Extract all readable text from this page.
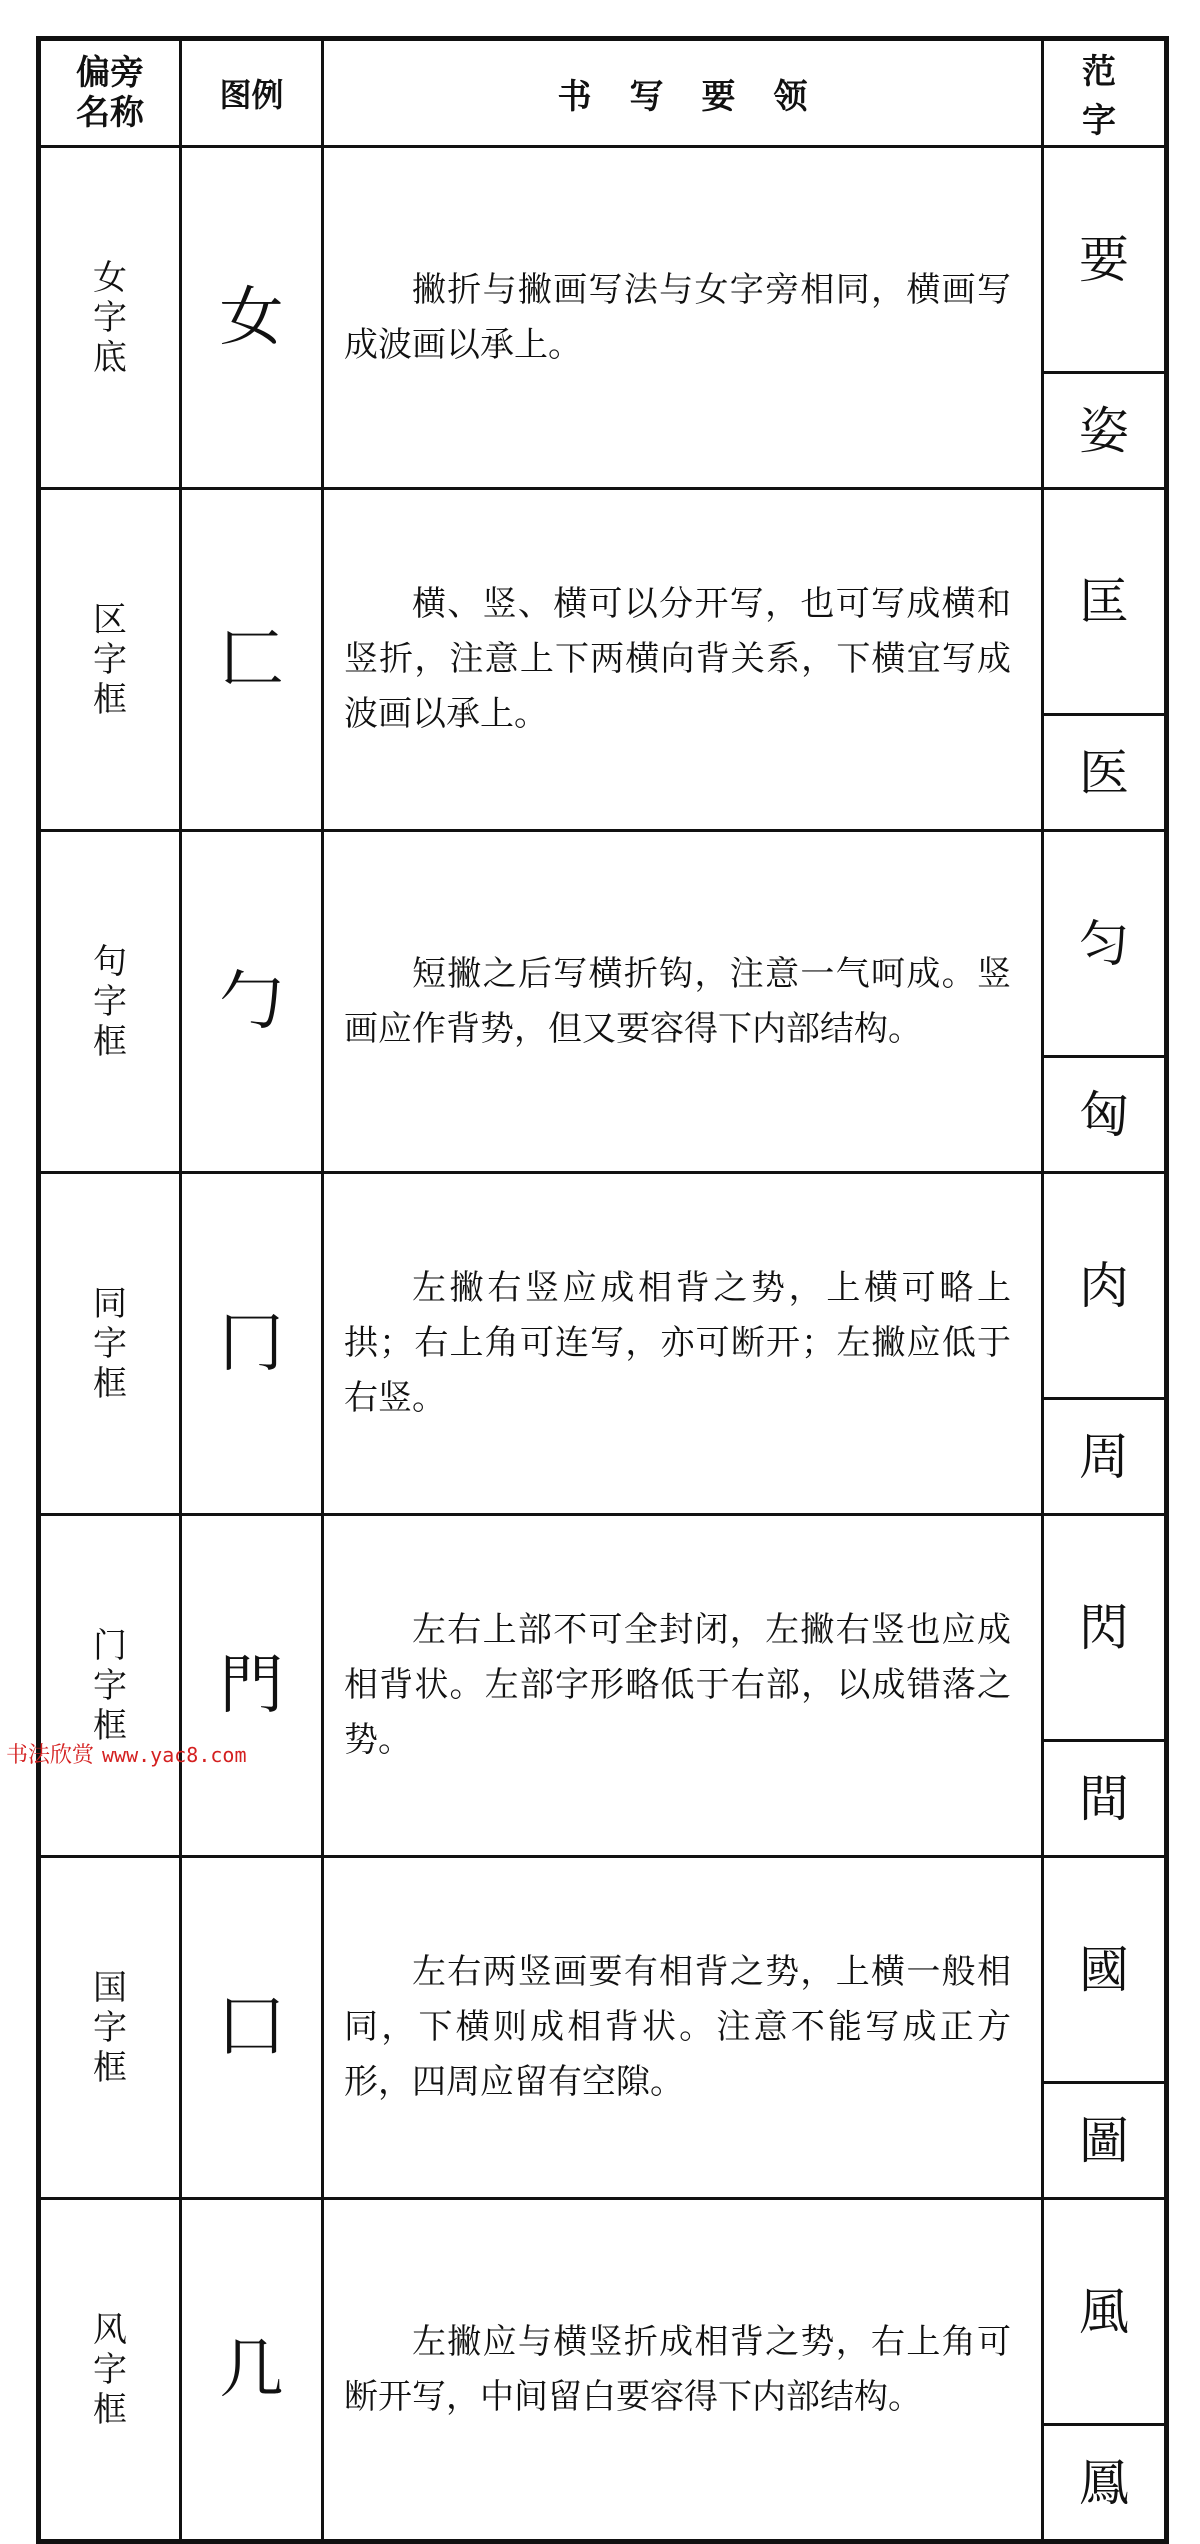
偏旁名称	图例	书写要领	范字
女字底	女	撇折与撇画写法与女字旁相同，横画写成波画以承上。	要
			姿
区字框	匚	横、竖、横可以分开写，也可写成横和竖折，注意上下两横向背关系，下横宜写成波画以承上。	匡
			医
句字框	勹	短撇之后写横折钩，注意一气呵成。竖画应作背势，但又要容得下内部结构。	匀
			匈
同字框	冂	左撇右竖应成相背之势，上横可略上拱；右上角可连写，亦可断开；左撇应低于右竖。	肉
			周
门字框	門	左右上部不可全封闭，左撇右竖也应成相背状。左部字形略低于右部，以成错落之势。	閃
			間
国字框	囗	左右两竖画要有相背之势，上横一般相同，下横则成相背状。注意不能写成正方形，四周应留有空隙。	國
			圖
风字框	几	左撇应与横竖折成相背之势，右上角可断开写，中间留白要容得下内部结构。	風
			鳳
书法欣赏 www.yac8.com
